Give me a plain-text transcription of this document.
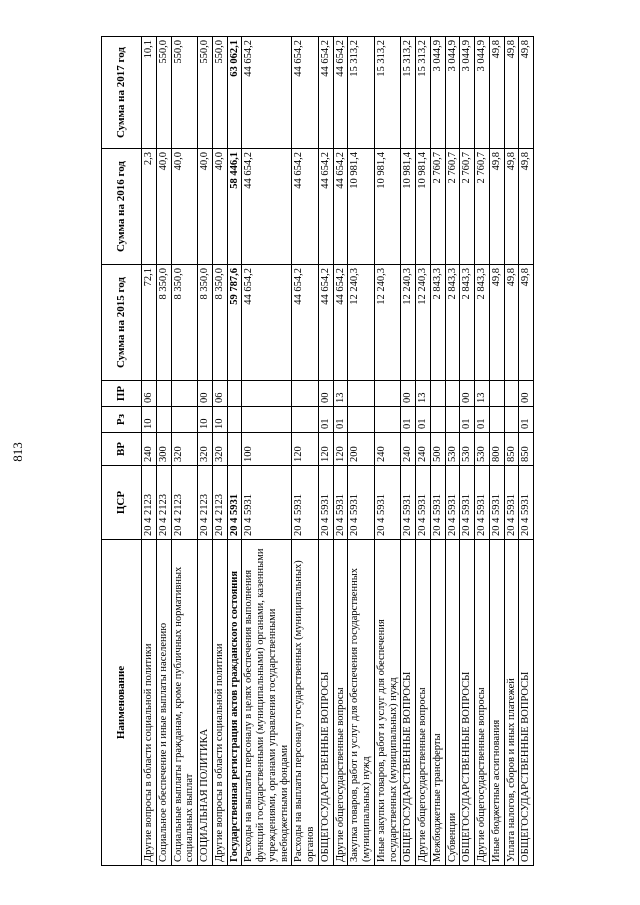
813
Наименование	ЦСР	ВР	Рз	ПР	Сумма на 2015 год	Сумма на 2016 год	Сумма на 2017 год
Другие вопросы в области социальной политики	20 4 2123	240	10	06	72,1	2,3	10,1
Социальное обеспечение и иные выплаты населению	20 4 2123	300			8 350,0	40,0	550,0
Социальные выплаты гражданам, кроме публичных нормативных социальных выплат	20 4 2123	320			8 350,0	40,0	550,0
СОЦИАЛЬНАЯ ПОЛИТИКА	20 4 2123	320	10	00	8 350,0	40,0	550,0
Другие вопросы в области социальной политики	20 4 2123	320	10	06	8 350,0	40,0	550,0
Государственная регистрация актов гражданского состояния	20 4 5931				59 787,6	58 446,1	63 062,1
Расходы на выплаты персоналу в целях обеспечения выполнения функций государственными (муниципальными) органами, казенными учреждениями, органами управления государственными внебюджетными фондами	20 4 5931	100			44 654,2	44 654,2	44 654,2
Расходы на выплаты персоналу государственных (муниципальных) органов	20 4 5931	120			44 654,2	44 654,2	44 654,2
ОБЩЕГОСУДАРСТВЕННЫЕ ВОПРОСЫ	20 4 5931	120	01	00	44 654,2	44 654,2	44 654,2
Другие общегосударственные вопросы	20 4 5931	120	01	13	44 654,2	44 654,2	44 654,2
Закупка товаров, работ и услуг для обеспечения государственных (муниципальных) нужд	20 4 5931	200			12 240,3	10 981,4	15 313,2
Иные закупки товаров, работ и услуг для обеспечения государственных (муниципальных) нужд	20 4 5931	240			12 240,3	10 981,4	15 313,2
ОБЩЕГОСУДАРСТВЕННЫЕ ВОПРОСЫ	20 4 5931	240	01	00	12 240,3	10 981,4	15 313,2
Другие общегосударственные вопросы	20 4 5931	240	01	13	12 240,3	10 981,4	15 313,2
Межбюджетные трансферты	20 4 5931	500			2 843,3	2 760,7	3 044,9
Субвенции	20 4 5931	530			2 843,3	2 760,7	3 044,9
ОБЩЕГОСУДАРСТВЕННЫЕ ВОПРОСЫ	20 4 5931	530	01	00	2 843,3	2 760,7	3 044,9
Другие общегосударственные вопросы	20 4 5931	530	01	13	2 843,3	2 760,7	3 044,9
Иные бюджетные ассигнования	20 4 5931	800			49,8	49,8	49,8
Уплата налогов, сборов и иных платежей	20 4 5931	850			49,8	49,8	49,8
ОБЩЕГОСУДАРСТВЕННЫЕ ВОПРОСЫ	20 4 5931	850	01	00	49,8	49,8	49,8
